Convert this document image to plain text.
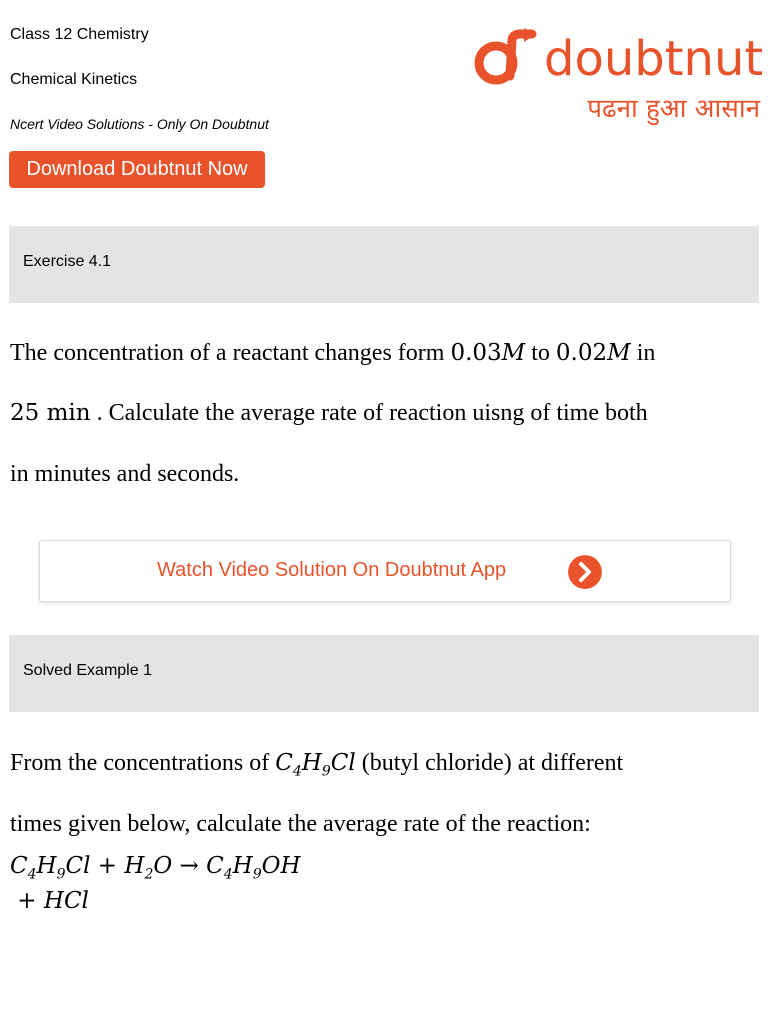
Class 12 Chemistry
Chemical Kinetics
Ncert Video Solutions - Only On Doubtnut
Download Doubtnut Now
doubtnut
पढना हुआ आसान
Exercise 4.1
The concentration of a reactant changes form 0.03M to 0.02M in
25 min . Calculate the average rate of reaction uisng of time both
in minutes and seconds.
Watch Video Solution On Doubtnut App
Solved Example 1
From the concentrations of $C_4H_9Cl$ (butyl chloride) at different
times given below, calculate the average rate of the reaction:
$C_4H_9Cl + H_2O \to C_4H_9OH$
+ HCl
